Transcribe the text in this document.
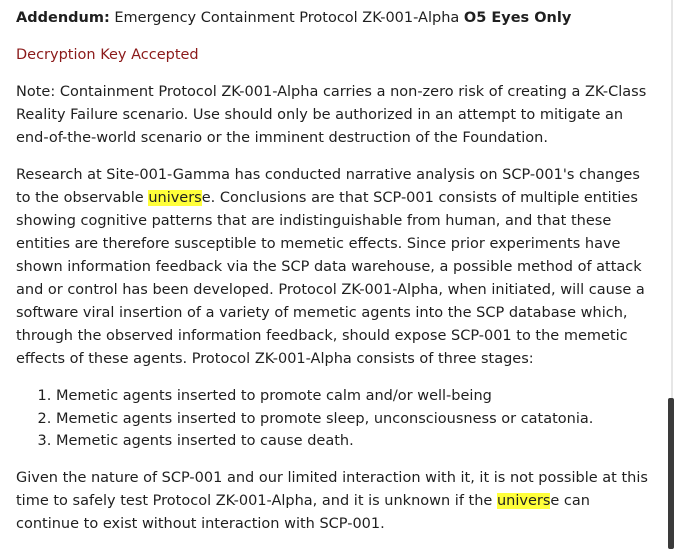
Addendum: Emergency Containment Protocol ZK-001-Alpha O5 Eyes Only

Decryption Key Accepted

Note: Containment Protocol ZK-001-Alpha carries a non-zero risk of creating a ZK-Class Reality Failure scenario. Use should only be authorized in an attempt to mitigate an end-of-the-world scenario or the imminent destruction of the Foundation.

Research at Site-001-Gamma has conducted narrative analysis on SCP-001's changes to the observable universe. Conclusions are that SCP-001 consists of multiple entities showing cognitive patterns that are indistinguishable from human, and that these entities are therefore susceptible to memetic effects. Since prior experiments have shown information feedback via the SCP data warehouse, a possible method of attack and or control has been developed. Protocol ZK-001-Alpha, when initiated, will cause a software viral insertion of a variety of memetic agents into the SCP database which, through the observed information feedback, should expose SCP-001 to the memetic effects of these agents. Protocol ZK-001-Alpha consists of three stages:

1. Memetic agents inserted to promote calm and/or well-being
2. Memetic agents inserted to promote sleep, unconsciousness or catatonia.
3. Memetic agents inserted to cause death.

Given the nature of SCP-001 and our limited interaction with it, it is not possible at this time to safely test Protocol ZK-001-Alpha, and it is unknown if the universe can continue to exist without interaction with SCP-001.
